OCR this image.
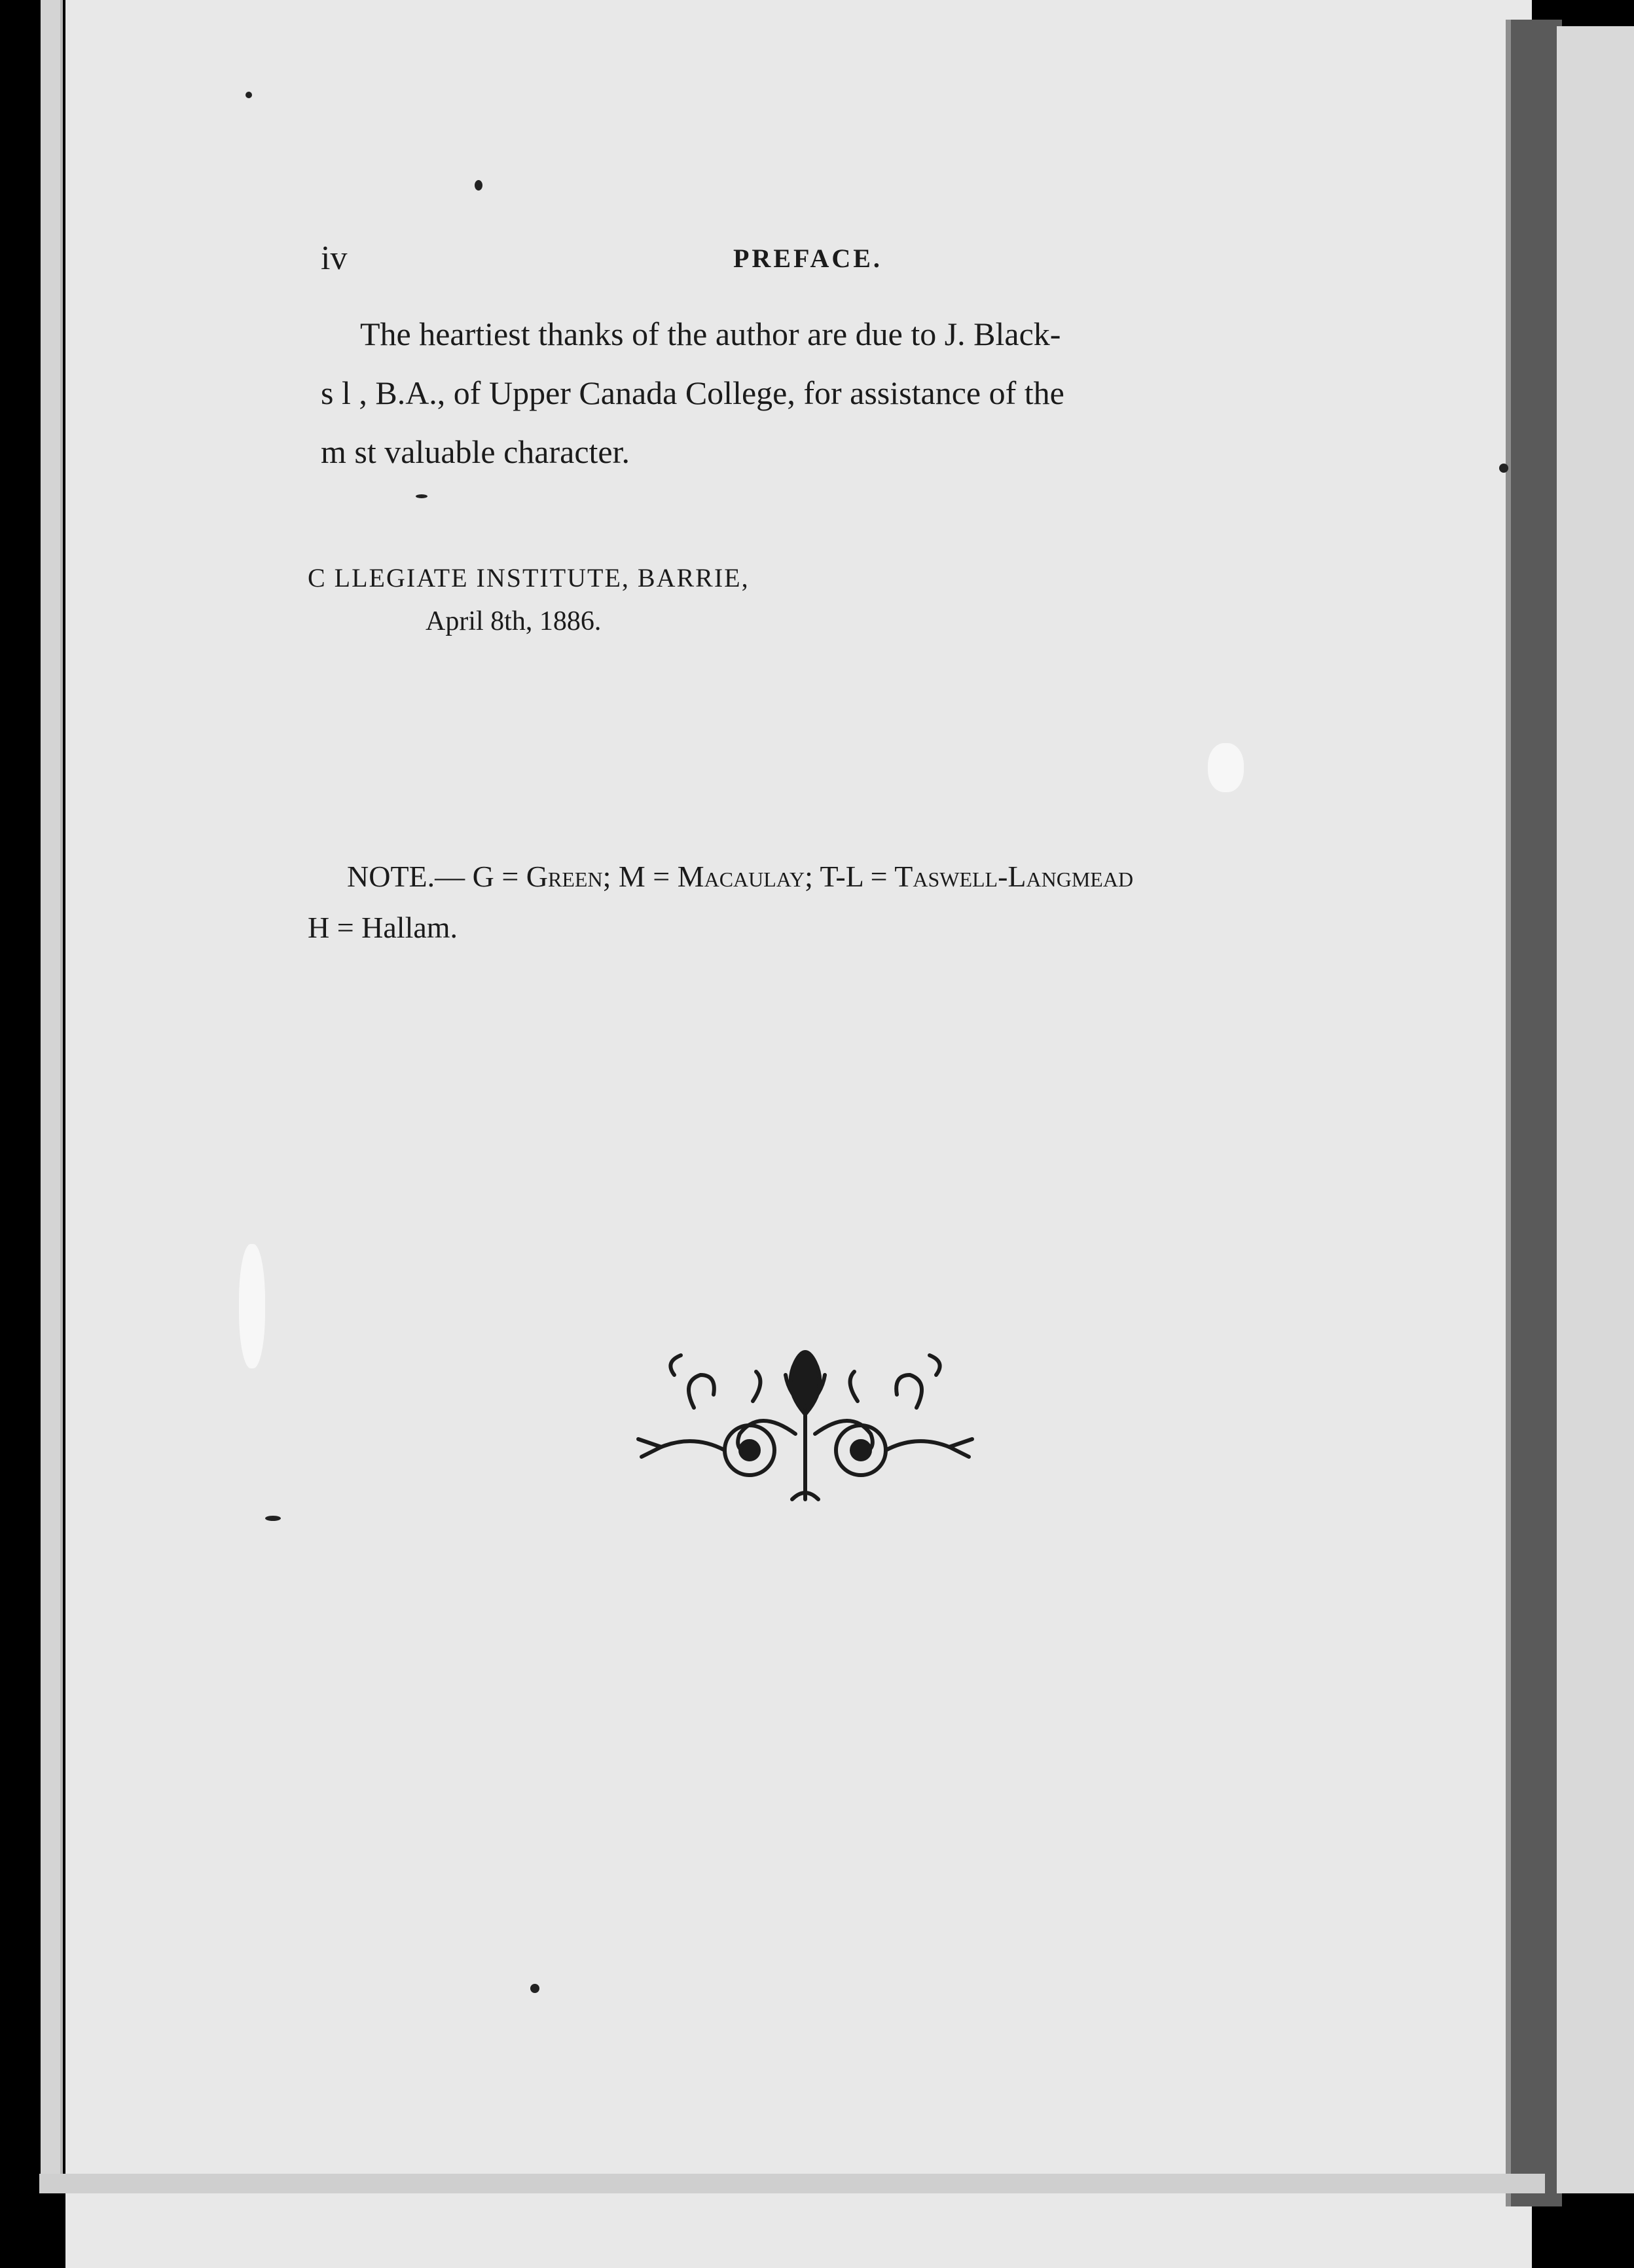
iv	PREFACE.
The heartiest thanks of the author are due to J. Black-
s l , B.A., of Upper Canada College, for assistance of the
m st valuable character.
C LLEGIATE INSTITUTE, BARRIE,
April 8th, 1886.
NOTE.— G = Green; M = Macaulay; T-L = Taswell-Langmead
H = Hallam.
